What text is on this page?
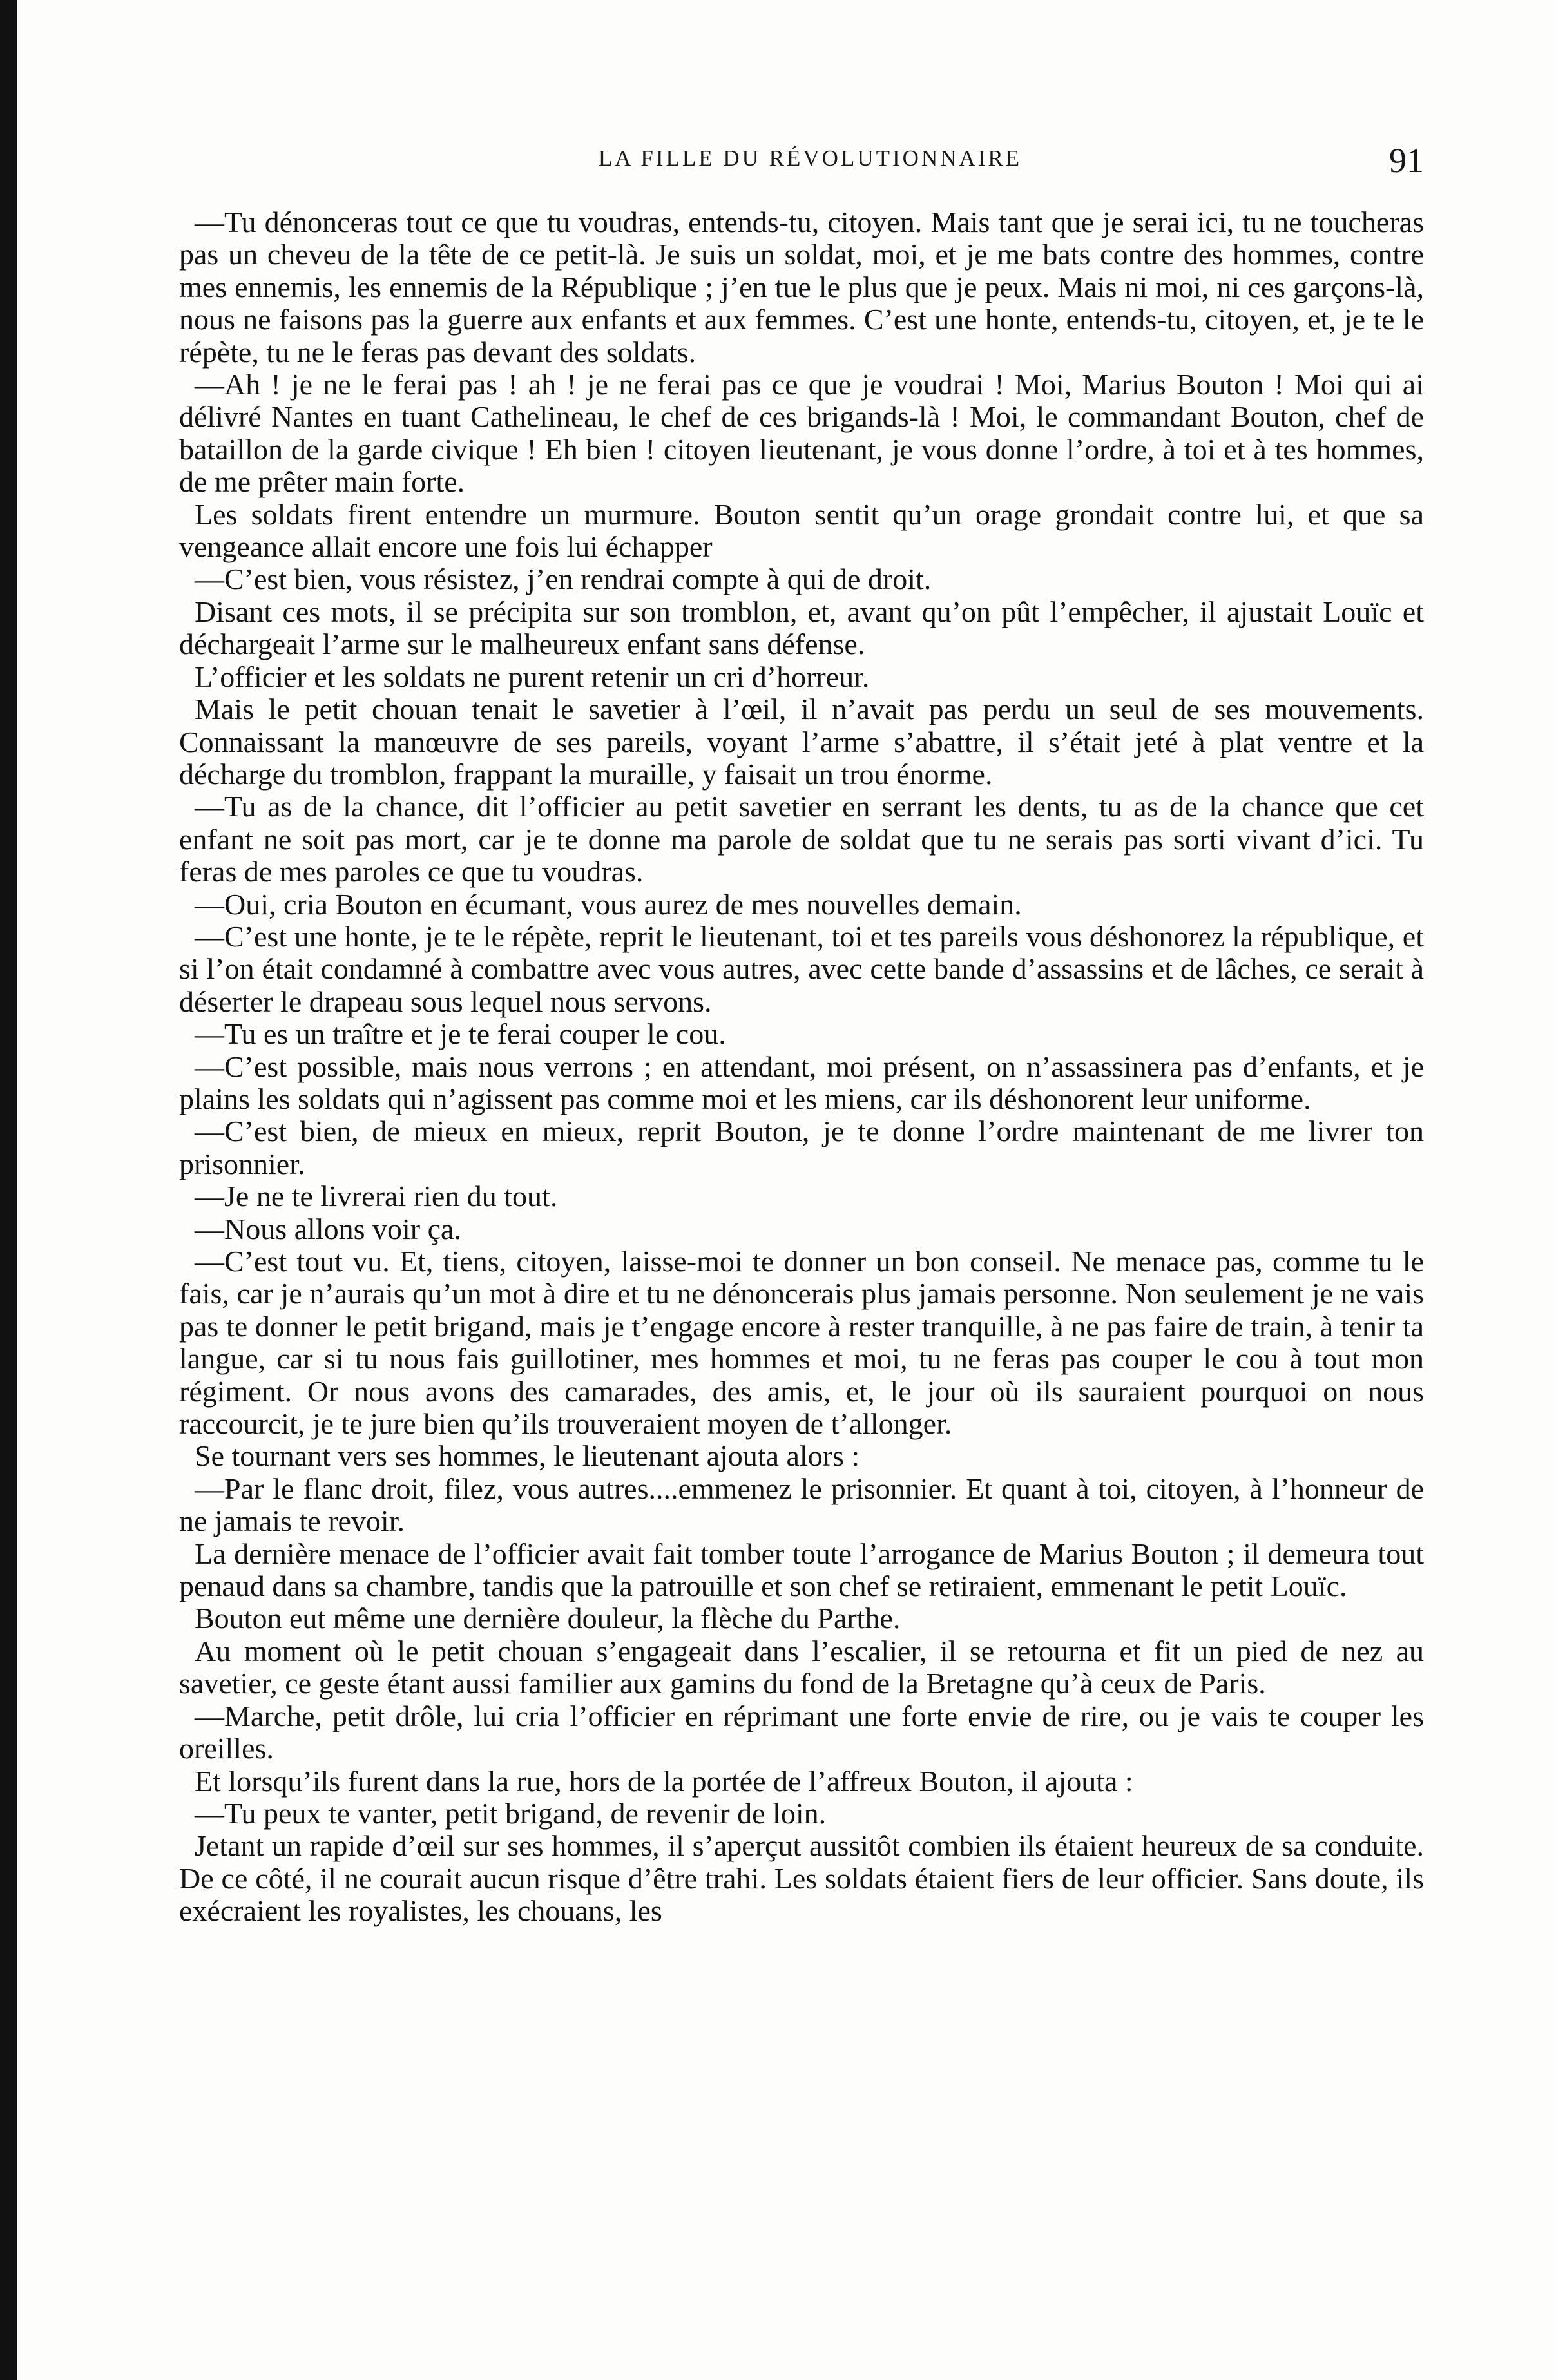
LA FILLE DU RÉVOLUTIONNAIRE	91

—Tu dénonceras tout ce que tu voudras, entends-tu, citoyen. Mais tant que je serai ici, tu ne toucheras pas un cheveu de la tête de ce petit-là. Je suis un soldat, moi, et je me bats contre des hommes, contre mes ennemis, les ennemis de la République ; j’en tue le plus que je peux. Mais ni moi, ni ces garçons-là, nous ne faisons pas la guerre aux enfants et aux femmes. C’est une honte, entends-tu, citoyen, et, je te le répète, tu ne le feras pas devant des soldats.

—Ah ! je ne le ferai pas ! ah ! je ne ferai pas ce que je voudrai ! Moi, Marius Bouton ! Moi qui ai délivré Nantes en tuant Cathelineau, le chef de ces brigands-là ! Moi, le commandant Bouton, chef de bataillon de la garde civique ! Eh bien ! citoyen lieutenant, je vous donne l’ordre, à toi et à tes hommes, de me prêter main forte.

Les soldats firent entendre un murmure. Bouton sentit qu’un orage grondait contre lui, et que sa vengeance allait encore une fois lui échapper

—C’est bien, vous résistez, j’en rendrai compte à qui de droit.

Disant ces mots, il se précipita sur son tromblon, et, avant qu’on pût l’empêcher, il ajustait Louïc et déchargeait l’arme sur le malheureux enfant sans défense.

L’officier et les soldats ne purent retenir un cri d’horreur.

Mais le petit chouan tenait le savetier à l’œil, il n’avait pas perdu un seul de ses mouvements. Connaissant la manœuvre de ses pareils, voyant l’arme s’abattre, il s’était jeté à plat ventre et la décharge du tromblon, frappant la muraille, y faisait un trou énorme.

—Tu as de la chance, dit l’officier au petit savetier en serrant les dents, tu as de la chance que cet enfant ne soit pas mort, car je te donne ma parole de soldat que tu ne serais pas sorti vivant d’ici. Tu feras de mes paroles ce que tu voudras.

—Oui, cria Bouton en écumant, vous aurez de mes nouvelles demain.

—C’est une honte, je te le répète, reprit le lieutenant, toi et tes pareils vous déshonorez la république, et si l’on était condamné à combattre avec vous autres, avec cette bande d’assassins et de lâches, ce serait à déserter le drapeau sous lequel nous servons.

—Tu es un traître et je te ferai couper le cou.

—C’est possible, mais nous verrons ; en attendant, moi présent, on n’assassinera pas d’enfants, et je plains les soldats qui n’agissent pas comme moi et les miens, car ils déshonorent leur uniforme.

—C’est bien, de mieux en mieux, reprit Bouton, je te donne l’ordre maintenant de me livrer ton prisonnier.

—Je ne te livrerai rien du tout.

—Nous allons voir ça.

—C’est tout vu. Et, tiens, citoyen, laisse-moi te donner un bon conseil. Ne menace pas, comme tu le fais, car je n’aurais qu’un mot à dire et tu ne dénoncerais plus jamais personne. Non seulement je ne vais pas te donner le petit brigand, mais je t’engage encore à rester tranquille, à ne pas faire de train, à tenir ta langue, car si tu nous fais guillotiner, mes hommes et moi, tu ne feras pas couper le cou à tout mon régiment. Or nous avons des camarades, des amis, et, le jour où ils sauraient pourquoi on nous raccourcit, je te jure bien qu’ils trouveraient moyen de t’allonger.

Se tournant vers ses hommes, le lieutenant ajouta alors :

—Par le flanc droit, filez, vous autres....emmenez le prisonnier. Et quant à toi, citoyen, à l’honneur de ne jamais te revoir.

La dernière menace de l’officier avait fait tomber toute l’arrogance de Marius Bouton ; il demeura tout penaud dans sa chambre, tandis que la patrouille et son chef se retiraient, emmenant le petit Louïc.

Bouton eut même une dernière douleur, la flèche du Parthe.

Au moment où le petit chouan s’engageait dans l’escalier, il se retourna et fit un pied de nez au savetier, ce geste étant aussi familier aux gamins du fond de la Bretagne qu’à ceux de Paris.

—Marche, petit drôle, lui cria l’officier en réprimant une forte envie de rire, ou je vais te couper les oreilles.

Et lorsqu’ils furent dans la rue, hors de la portée de l’affreux Bouton, il ajouta :

—Tu peux te vanter, petit brigand, de revenir de loin.

Jetant un rapide d’œil sur ses hommes, il s’aperçut aussitôt combien ils étaient heureux de sa conduite. De ce côté, il ne courait aucun risque d’être trahi. Les soldats étaient fiers de leur officier. Sans doute, ils exécraient les royalistes, les chouans, les
